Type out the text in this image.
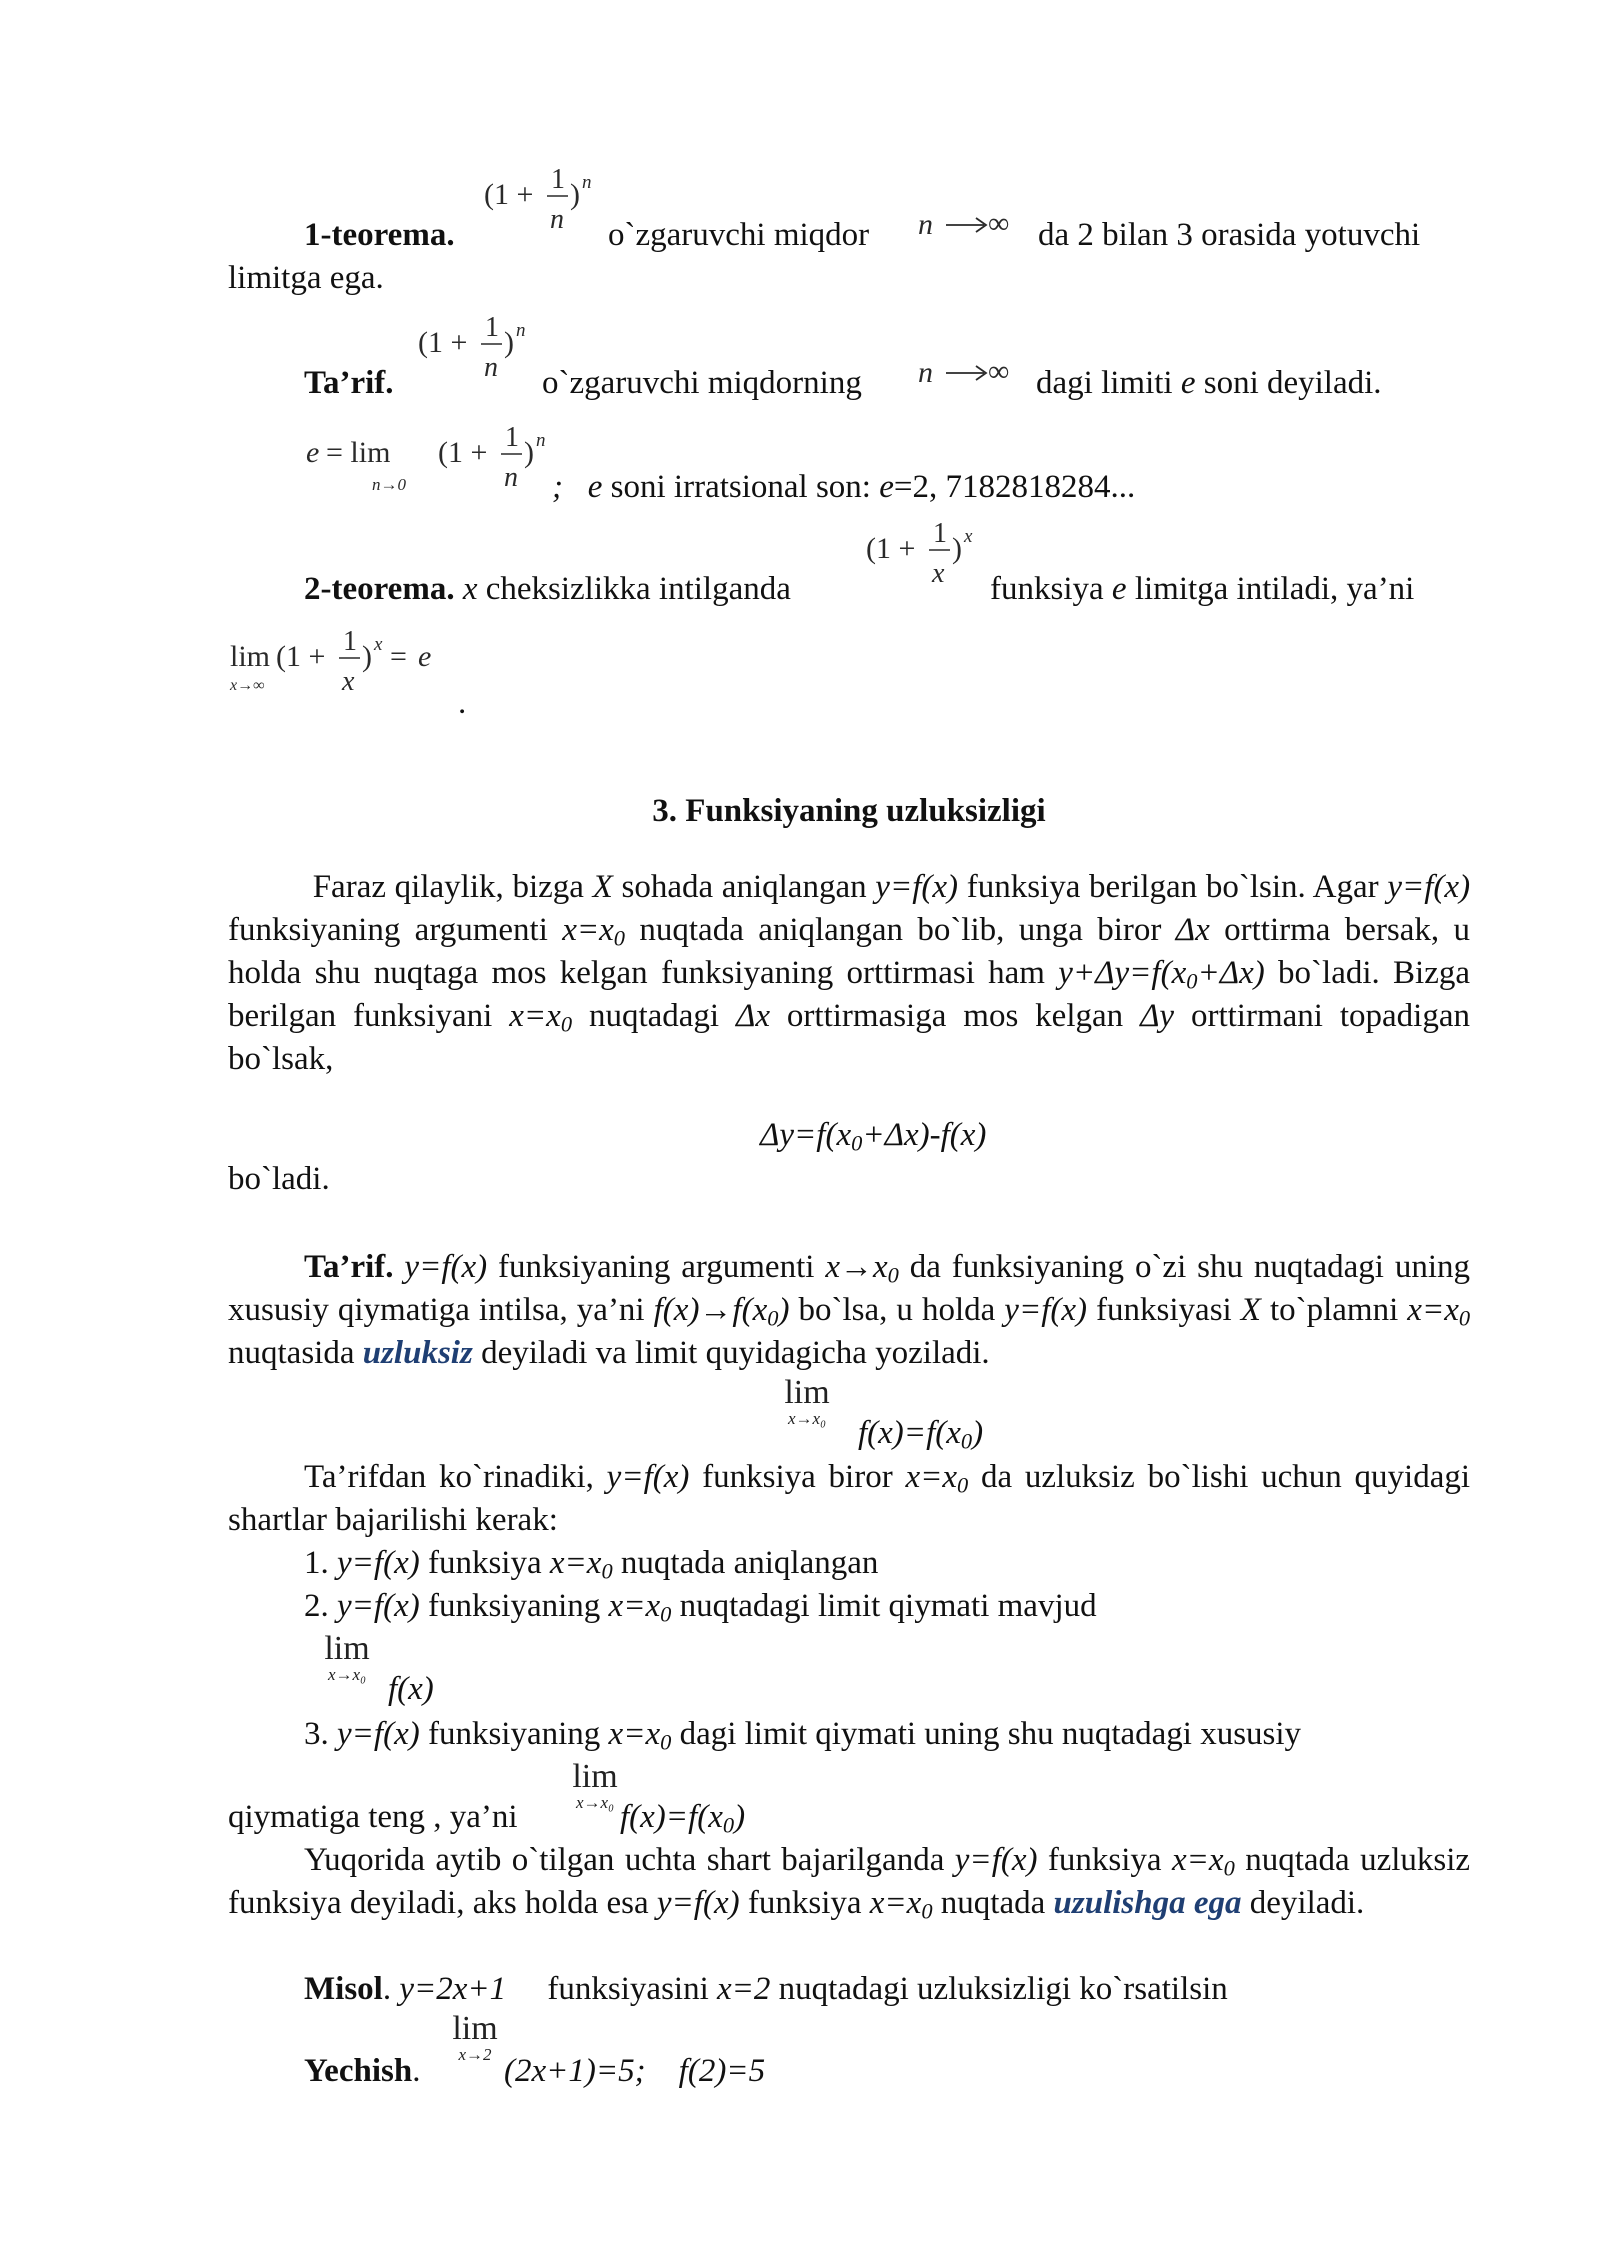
1-teorema.
(1 + 1
n
) n
o`zgaruvchi miqdor n ∞ da 2 bilan 3 orasida yotuvchi
limitga ega.
Ta’rif.
(1 + 1
n
) n
o`zgaruvchi miqdorning n ∞ dagi limiti e soni deyiladi.
e = lim
n→0
(1 + 1
n
) n
; e soni irratsional son: e=2, 7182818284...
2-teorema. x cheksizlikka intilganda
(1 + 1
x
) x
funksiya e limitga intiladi, ya’ni
lim
x→∞
(1 + 1
x
) x = e
.
3. Funksiyaning uzluksizligi
Faraz qilaylik, bizga X sohada aniqlangan y=f(x) funksiya berilgan bo`lsin. Agar y=f(x) funksiyaning argumenti $x=x_0$ nuqtada aniqlangan bo`lib, unga biror Δx orttirma bersak, u holda shu nuqtaga mos kelgan funksiyaning orttirmasi ham $y+\Delta y=f(x_0+\Delta x)$ bo`ladi. Bizga berilgan funksiyani $x=x_0$ nuqtadagi Δx orttirmasiga mos kelgan Δy orttirmani topadigan bo`lsak,
$\Delta y=f(x_0+\Delta x)-f(x)$
bo`ladi.
Ta’rif. y=f(x) funksiyaning argumenti $x\to x_0$ da funksiyaning o`zi shu nuqtadagi uning xususiy qiymatiga intilsa, ya’ni $f(x)\to f(x_0)$ bo`lsa, u holda y=f(x) funksiyasi X to`plamni $x=x_0$ nuqtasida uzluksiz deyiladi va limit quyidagicha yoziladi.
lim
x→x₀ $f(x)=f(x_0)$
Ta’rifdan ko`rinadiki, y=f(x) funksiya biror $x=x_0$ da uzluksiz bo`lishi uchun quyidagi shartlar bajarilishi kerak:
1. y=f(x) funksiya $x=x_0$ nuqtada aniqlangan
2. y=f(x) funksiyaning $x=x_0$ nuqtadagi limit qiymati mavjud
lim
x→x₀ f(x)
3. y=f(x) funksiyaning $x=x_0$ dagi limit qiymati uning shu nuqtadagi xususiy
qiymatiga teng , ya’ni
lim
x→x₀ $f(x)=f(x_0)$
Yuqorida aytib o`tilgan uchta shart bajarilganda y=f(x) funksiya $x=x_0$ nuqtada uzluksiz funksiya deyiladi, aks holda esa y=f(x) funksiya $x=x_0$ nuqtada uzulishga ega deyiladi.
Misol. y=2x+1 funksiyasini x=2 nuqtadagi uzluksizligi ko`rsatilsin
Yechish.
lim
x→2 (2x+1)=5; f(2)=5
